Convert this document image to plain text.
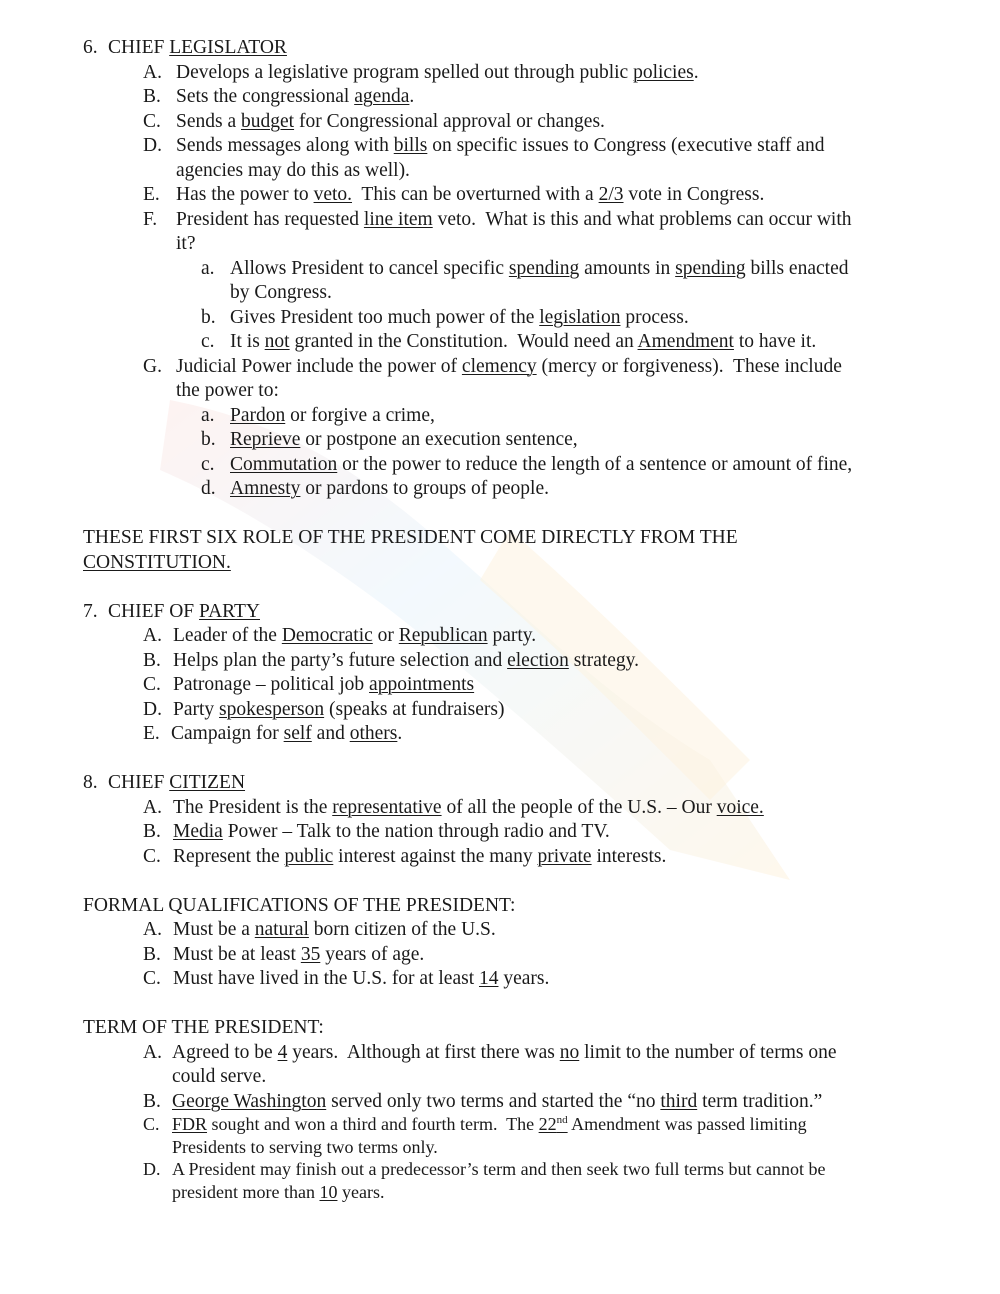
6. CHIEF LEGISLATOR
A. Develops a legislative program spelled out through public policies.
B. Sets the congressional agenda.
C. Sends a budget for Congressional approval or changes.
D. Sends messages along with bills on specific issues to Congress (executive staff and
agencies may do this as well).
E. Has the power to veto.  This can be overturned with a 2/3 vote in Congress.
F. President has requested line item veto.  What is this and what problems can occur with
it?
a. Allows President to cancel specific spending amounts in spending bills enacted
by Congress.
b. Gives President too much power of the legislation process.
c. It is not granted in the Constitution.  Would need an Amendment to have it.
G. Judicial Power include the power of clemency (mercy or forgiveness).  These include
the power to:
a. Pardon or forgive a crime,
b. Reprieve or postpone an execution sentence,
c. Commutation or the power to reduce the length of a sentence or amount of fine,
d. Amnesty or pardons to groups of people.
THESE FIRST SIX ROLE OF THE PRESIDENT COME DIRECTLY FROM THE
CONSTITUTION.
7. CHIEF OF PARTY
A. Leader of the Democratic or Republican party.
B. Helps plan the party’s future selection and election strategy.
C. Patronage – political job appointments
D. Party spokesperson (speaks at fundraisers)
E. Campaign for self and others.
8. CHIEF CITIZEN
A. The President is the representative of all the people of the U.S. – Our voice.
B. Media Power – Talk to the nation through radio and TV.
C. Represent the public interest against the many private interests.
FORMAL QUALIFICATIONS OF THE PRESIDENT:
A. Must be a natural born citizen of the U.S.
B. Must be at least 35 years of age.
C. Must have lived in the U.S. for at least 14 years.
TERM OF THE PRESIDENT:
A. Agreed to be 4 years.  Although at first there was no limit to the number of terms one
could serve.
B. George Washington served only two terms and started the “no third term tradition.”
C. FDR sought and won a third and fourth term.  The 22nd Amendment was passed limiting
Presidents to serving two terms only.
D. A President may finish out a predecessor’s term and then seek two full terms but cannot be
president more than 10 years.
